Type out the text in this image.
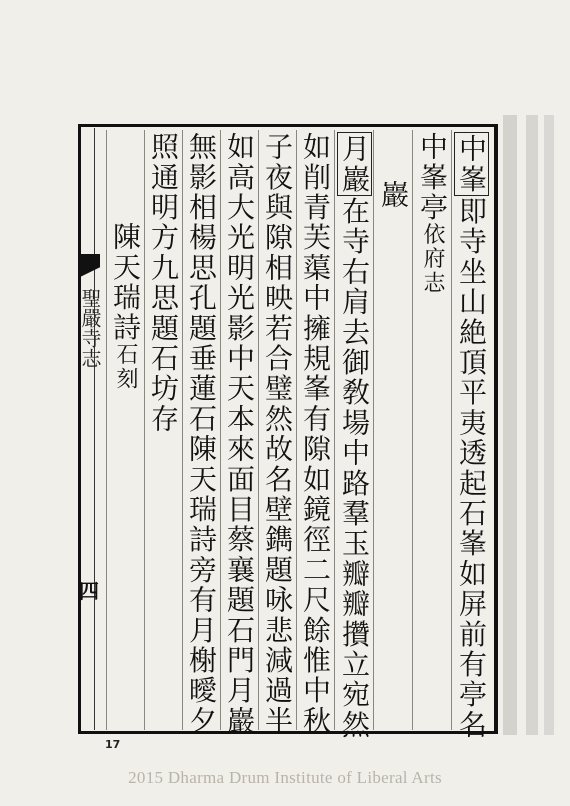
聖嚴寺志
四
中峯即寺坐山絶頂平夷透起石峯如屏前有亭名
中峯亭依府志
巖
月巖在寺右肩去御敎場中路羣玉瓣瓣攢立宛然
如削青芙蕖中擁規峯有隙如鏡徑二尺餘惟中秋
子夜與隙相映若合璧然故名壁鐫題咏悲減過半
如高大光明光影中天本來面目蔡襄題石門月巖
無影相楊思孔題垂蓮石陳天瑞詩旁有月榭曖夕
照通明方九思題石坊存
陳天瑞詩石刻
17
2015 Dharma Drum Institute of Liberal Arts
